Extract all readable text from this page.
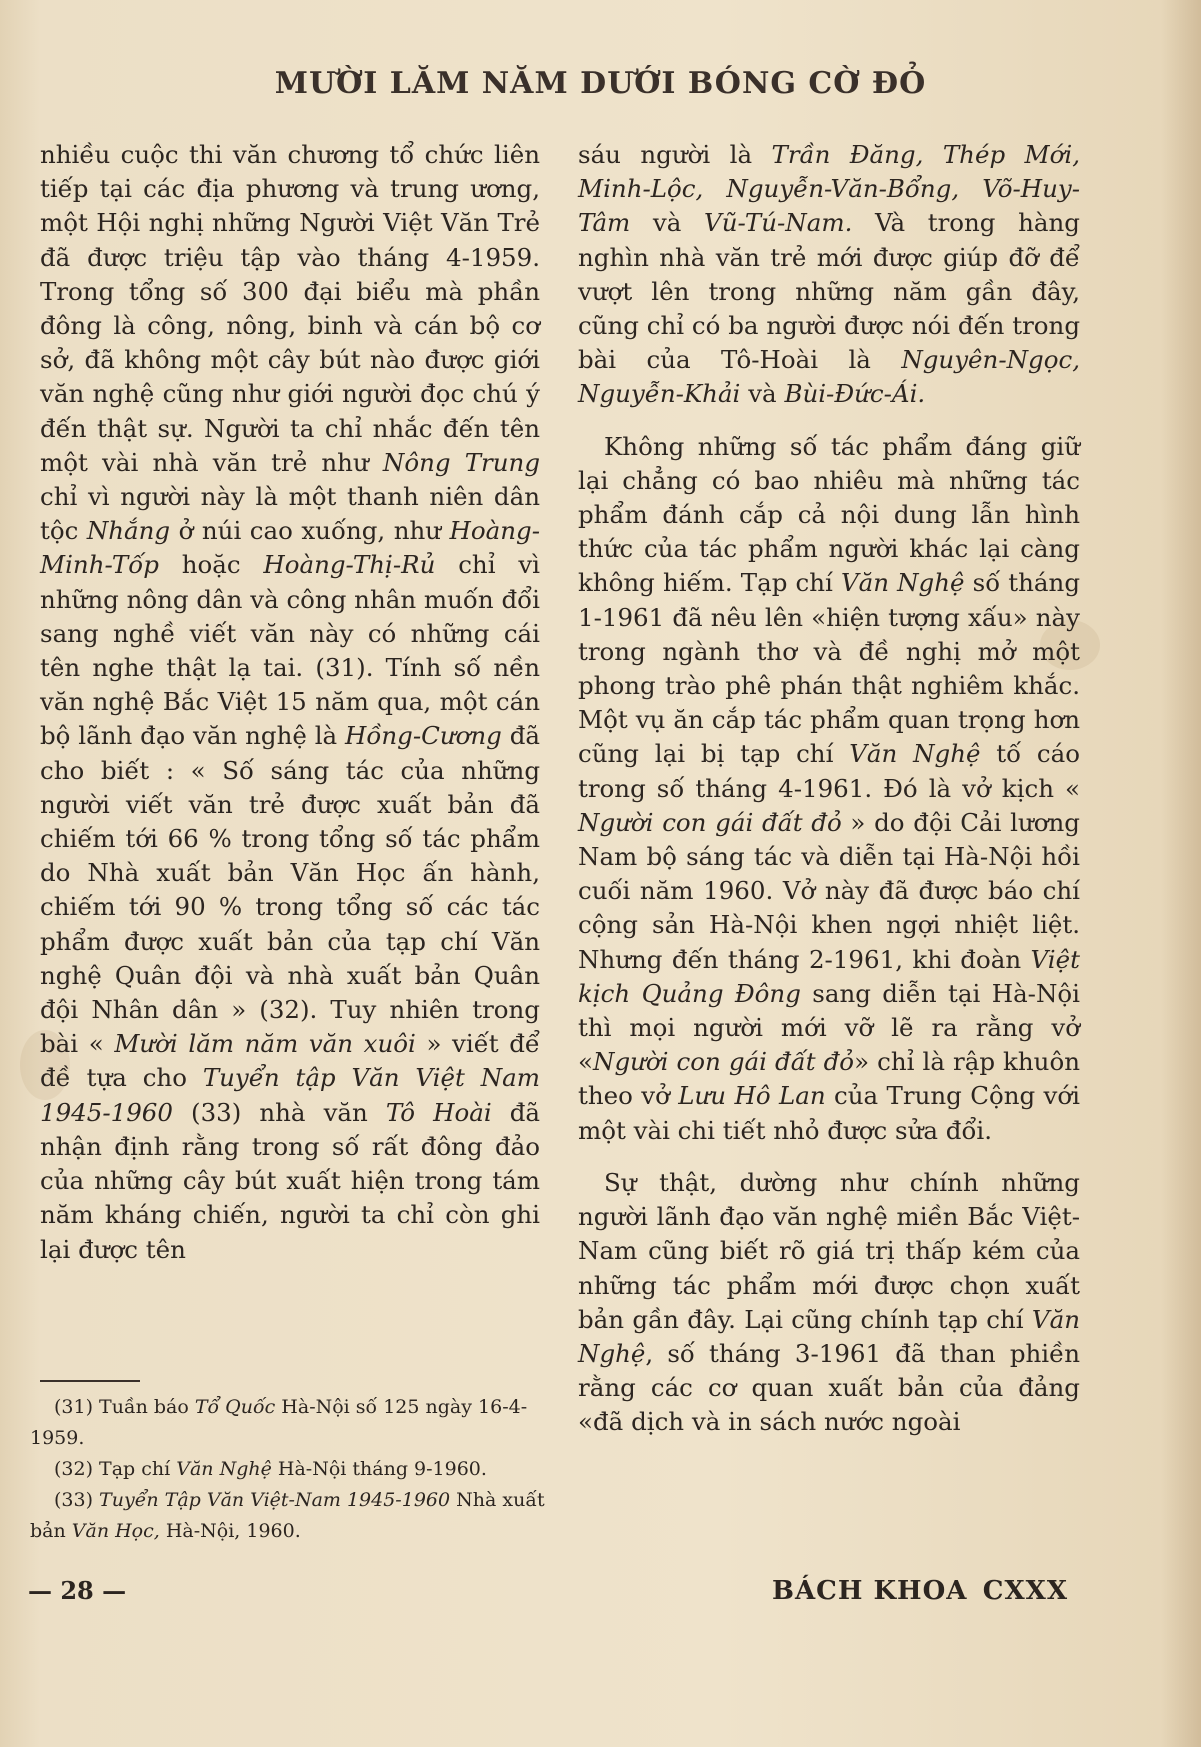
MƯỜI LĂM NĂM DƯỚI BÓNG CỜ ĐỎ

nhiều cuộc thi văn chương tổ chức liên tiếp tại các địa phương và trung ương, một Hội nghị những Người Việt Văn Trẻ đã được triệu tập vào tháng 4-1959. Trong tổng số 300 đại biểu mà phần đông là công, nông, binh và cán bộ cơ sở, đã không một cây bút nào được giới văn nghệ cũng như giới người đọc chú ý đến thật sự. Người ta chỉ nhắc đến tên một vài nhà văn trẻ như Nông Trung chỉ vì người này là một thanh niên dân tộc Nhắng ở núi cao xuống, như Hoàng-Minh-Tốp hoặc Hoàng-Thị-Rủ chỉ vì những nông dân và công nhân muốn đổi sang nghề viết văn này có những cái tên nghe thật lạ tai. (31). Tính số nền văn nghệ Bắc Việt 15 năm qua, một cán bộ lãnh đạo văn nghệ là Hồng-Cương đã cho biết : « Số sáng tác của những người viết văn trẻ được xuất bản đã chiếm tới 66 % trong tổng số tác phẩm do Nhà xuất bản Văn Học ấn hành, chiếm tới 90 % trong tổng số các tác phẩm được xuất bản của tạp chí Văn nghệ Quân đội và nhà xuất bản Quân đội Nhân dân » (32). Tuy nhiên trong bài « Mười lăm năm văn xuôi » viết để đề tựa cho Tuyển tập Văn Việt Nam 1945-1960 (33) nhà văn Tô Hoài đã nhận định rằng trong số rất đông đảo của những cây bút xuất hiện trong tám năm kháng chiến, người ta chỉ còn ghi lại được tên

sáu người là Trần Đăng, Thép Mới, Minh-Lộc, Nguyễn-Văn-Bổng, Võ-Huy-Tâm và Vũ-Tú-Nam. Và trong hàng nghìn nhà văn trẻ mới được giúp đỡ để vượt lên trong những năm gần đây, cũng chỉ có ba người được nói đến trong bài của Tô-Hoài là Nguyên-Ngọc, Nguyễn-Khải và Bùi-Đức-Ái.

Không những số tác phẩm đáng giữ lại chẳng có bao nhiêu mà những tác phẩm đánh cắp cả nội dung lẫn hình thức của tác phẩm người khác lại càng không hiếm. Tạp chí Văn Nghệ số tháng 1-1961 đã nêu lên «hiện tượng xấu» này trong ngành thơ và đề nghị mở một phong trào phê phán thật nghiêm khắc. Một vụ ăn cắp tác phẩm quan trọng hơn cũng lại bị tạp chí Văn Nghệ tố cáo trong số tháng 4-1961. Đó là vở kịch « Người con gái đất đỏ » do đội Cải lương Nam bộ sáng tác và diễn tại Hà-Nội hồi cuối năm 1960. Vở này đã được báo chí cộng sản Hà-Nội khen ngợi nhiệt liệt. Nhưng đến tháng 2-1961, khi đoàn Việt kịch Quảng Đông sang diễn tại Hà-Nội thì mọi người mới vỡ lẽ ra rằng vở «Người con gái đất đỏ» chỉ là rập khuôn theo vở Lưu Hô Lan của Trung Cộng với một vài chi tiết nhỏ được sửa đổi.

Sự thật, dường như chính những người lãnh đạo văn nghệ miền Bắc Việt-Nam cũng biết rõ giá trị thấp kém của những tác phẩm mới được chọn xuất bản gần đây. Lại cũng chính tạp chí Văn Nghệ, số tháng 3-1961 đã than phiền rằng các cơ quan xuất bản của đảng «đã dịch và in sách nước ngoài

(31) Tuần báo Tổ Quốc Hà-Nội số 125 ngày 16-4-1959.

(32) Tạp chí Văn Nghệ Hà-Nội tháng 9-1960.

(33) Tuyển Tập Văn Việt-Nam 1945-1960 Nhà xuất bản Văn Học, Hà-Nội, 1960.

— 28 —	BÁCH KHOA CXXX
